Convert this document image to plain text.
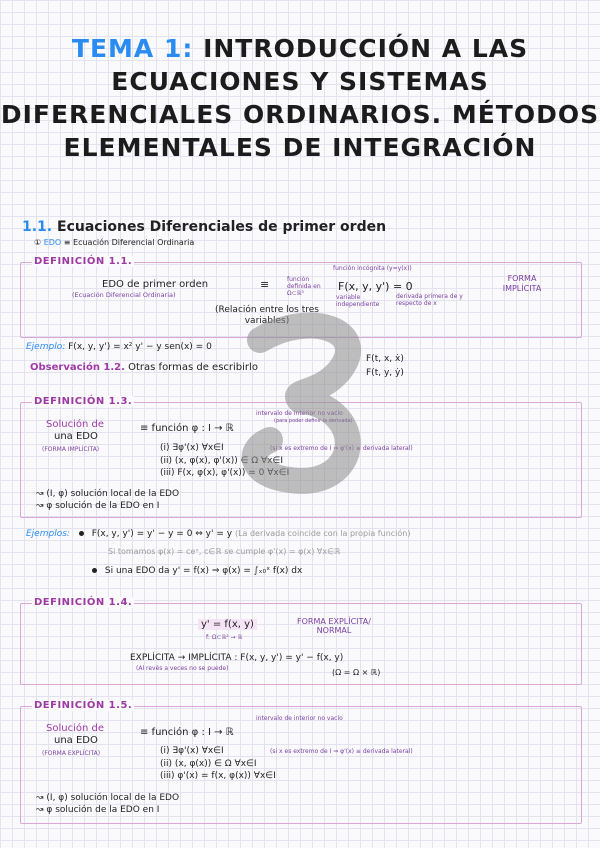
TEMA 1: INTRODUCCIÓN A LAS ECUACIONES Y SISTEMAS DIFERENCIALES ORDINARIOS. MÉTODOS ELEMENTALES DE INTEGRACIÓN
1.1. Ecuaciones Diferenciales de primer orden
① EDO ≡ Ecuación Diferencial Ordinaria
DEFINICIÓN 1.1.
EDO de primer orden
(Ecuación Diferencial Ordinaria)
≡	función definida en Ω⊂ℝ³
F(x, y, y') = 0
función incógnita (y=y(x))
variable independiente
derivada primera de y respecto de x
FORMA IMPLÍCITA
(Relación entre los tres variables)
Ejemplo: F(x, y, y') = x² y' − y sen(x) = 0
Observación 1.2. Otras formas de escribirlo
F(t, x, ẋ)
F(t, y, ẏ)
DEFINICIÓN 1.3.
Solución de
una EDO
(FORMA IMPLÍCITA)
≡ función φ : I → ℝ
intervalo de interior no vacío
(para poder definir la derivada)
(i) ∃φ'(x) ∀x∈I	(si x es extremo de I ⇒ φ'(x) ≡ derivada lateral)
(ii) (x, φ(x), φ'(x)) ∈ Ω ∀x∈I
(iii) F(x, φ(x), φ'(x)) = 0 ∀x∈I
↝ (I, φ) solución local de la EDO
↝ φ solución de la EDO en I
Ejemplos: F(x, y, y') = y' − y = 0 ⇔ y' = y (La derivada coincide con la propia función)
Si tomamos φ(x) = ceˣ, c∈ℝ se cumple φ'(x) = φ(x) ∀x∈ℝ
Si una EDO da y' = f(x) ⇒ φ(x) = ∫ₓ₀ˣ f(x) dx
DEFINICIÓN 1.4.
y' = f(x, y)
f: Ω⊂ℝ² → ℝ
FORMA EXPLÍCITA/ NORMAL
EXPLÍCITA → IMPLÍCITA : F(x, y, y') = y' − f(x, y)
(Al revés a veces no se puede)	(Ω = Ω × ℝ)
DEFINICIÓN 1.5.
Solución de
una EDO
(FORMA EXPLÍCITA)
≡ función φ : I → ℝ
intervalo de interior no vacío
(i) ∃φ'(x) ∀x∈I	(si x es extremo de I ⇒ φ'(x) ≡ derivada lateral)
(ii) (x, φ(x)) ∈ Ω ∀x∈I
(iii) φ'(x) = f(x, φ(x)) ∀x∈I
↝ (I, φ) solución local de la EDO
↝ φ solución de la EDO en I
